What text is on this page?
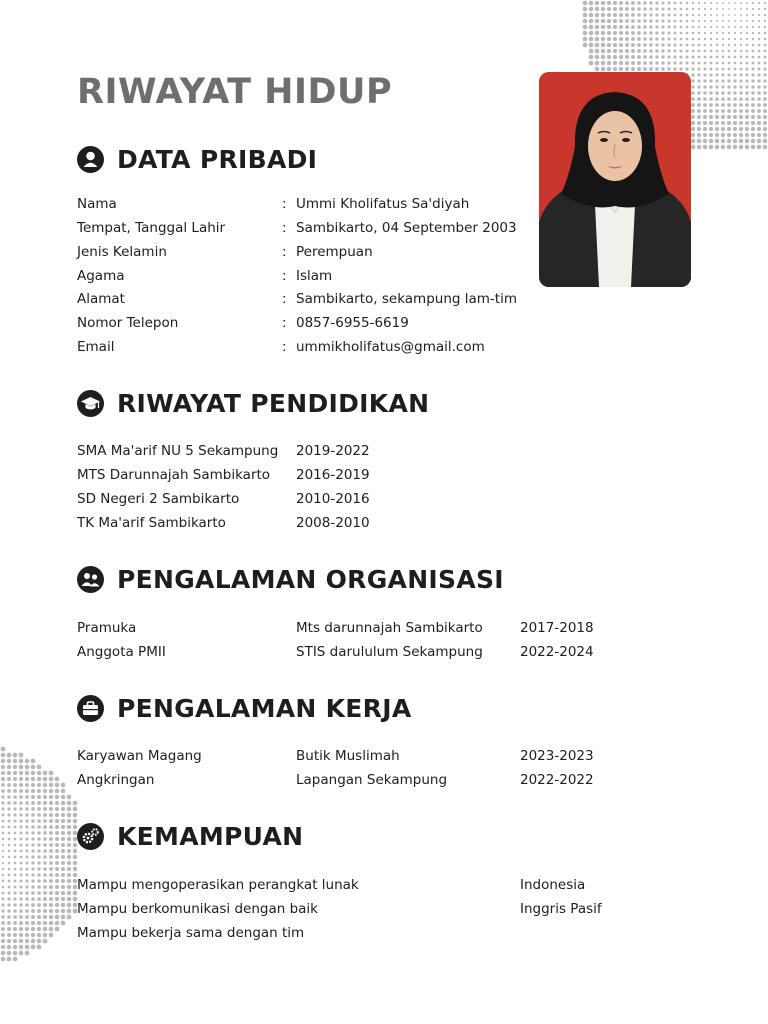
RIWAYAT HIDUP
DATA PRIBADI
Nama	: Ummi Kholifatus Sa'diyah
Tempat, Tanggal Lahir	: Sambikarto, 04 September 2003
Jenis Kelamin	: Perempuan
Agama	: Islam
Alamat	: Sambikarto, sekampung lam-tim
Nomor Telepon	: 0857-6955-6619
Email	: ummikholifatus@gmail.com
RIWAYAT PENDIDIKAN
SMA Ma'arif NU 5 Sekampung 2019-2022
MTS Darunnajah Sambikarto 2016-2019
SD Negeri 2 Sambikarto	2010-2016
TK Ma'arif Sambikarto	2008-2010
PENGALAMAN ORGANISASI
Pramuka	Mts darunnajah Sambikarto	2017-2018
Anggota PMII	STIS darululum Sekampung	2022-2024
PENGALAMAN KERJA
Karyawan Magang	Butik Muslimah	2023-2023
Angkringan	Lapangan Sekampung	2022-2022
KEMAMPUAN
Mampu mengoperasikan perangkat lunak	Indonesia
Mampu berkomunikasi dengan baik	Inggris Pasif
Mampu bekerja sama dengan tim
